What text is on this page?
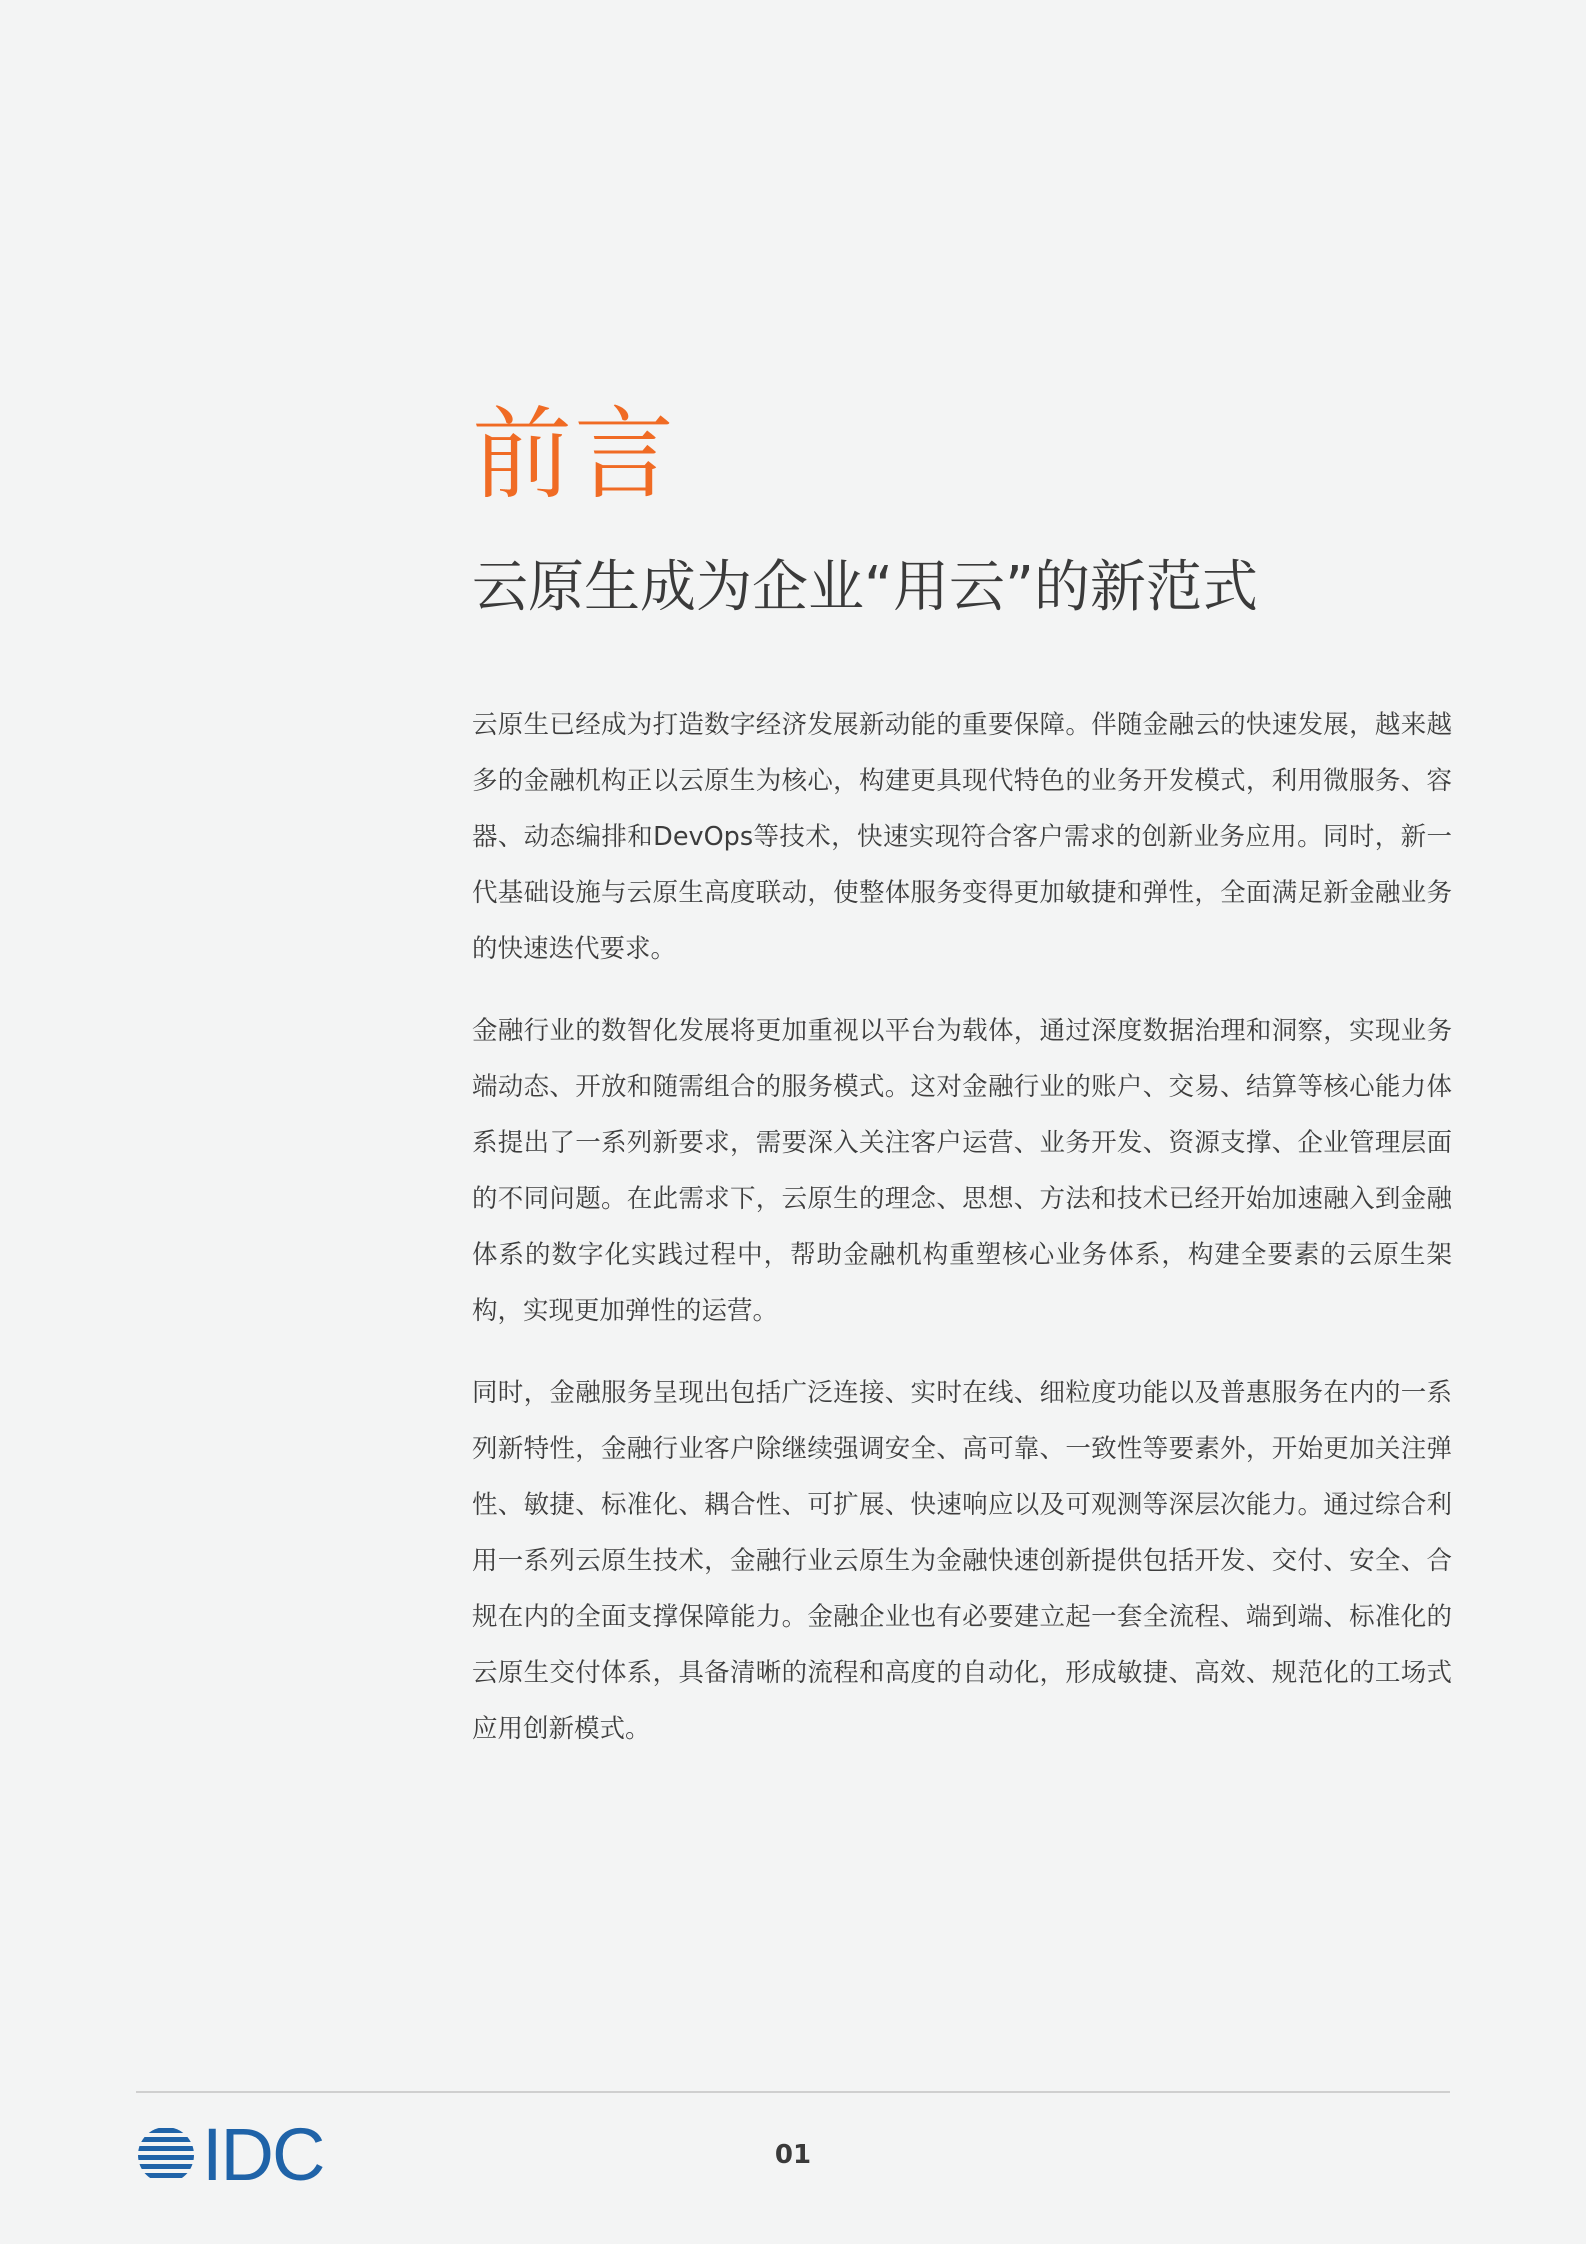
前言
云原生成为企业“用云”的新范式

云原生已经成为打造数字经济发展新动能的重要保障。伴随金融云的快速发展，越来越多的金融机构正以云原生为核心，构建更具现代特色的业务开发模式，利用微服务、容器、动态编排和DevOps等技术，快速实现符合客户需求的创新业务应用。同时，新一代基础设施与云原生高度联动，使整体服务变得更加敏捷和弹性，全面满足新金融业务的快速迭代要求。

金融行业的数智化发展将更加重视以平台为载体，通过深度数据治理和洞察，实现业务端动态、开放和随需组合的服务模式。这对金融行业的账户、交易、结算等核心能力体系提出了一系列新要求，需要深入关注客户运营、业务开发、资源支撑、企业管理层面的不同问题。在此需求下，云原生的理念、思想、方法和技术已经开始加速融入到金融体系的数字化实践过程中，帮助金融机构重塑核心业务体系，构建全要素的云原生架构，实现更加弹性的运营。

同时，金融服务呈现出包括广泛连接、实时在线、细粒度功能以及普惠服务在内的一系列新特性，金融行业客户除继续强调安全、高可靠、一致性等要素外，开始更加关注弹性、敏捷、标准化、耦合性、可扩展、快速响应以及可观测等深层次能力。通过综合利用一系列云原生技术，金融行业云原生为金融快速创新提供包括开发、交付、安全、合规在内的全面支撑保障能力。金融企业也有必要建立起一套全流程、端到端、标准化的云原生交付体系，具备清晰的流程和高度的自动化，形成敏捷、高效、规范化的工场式应用创新模式。

IDC	01
